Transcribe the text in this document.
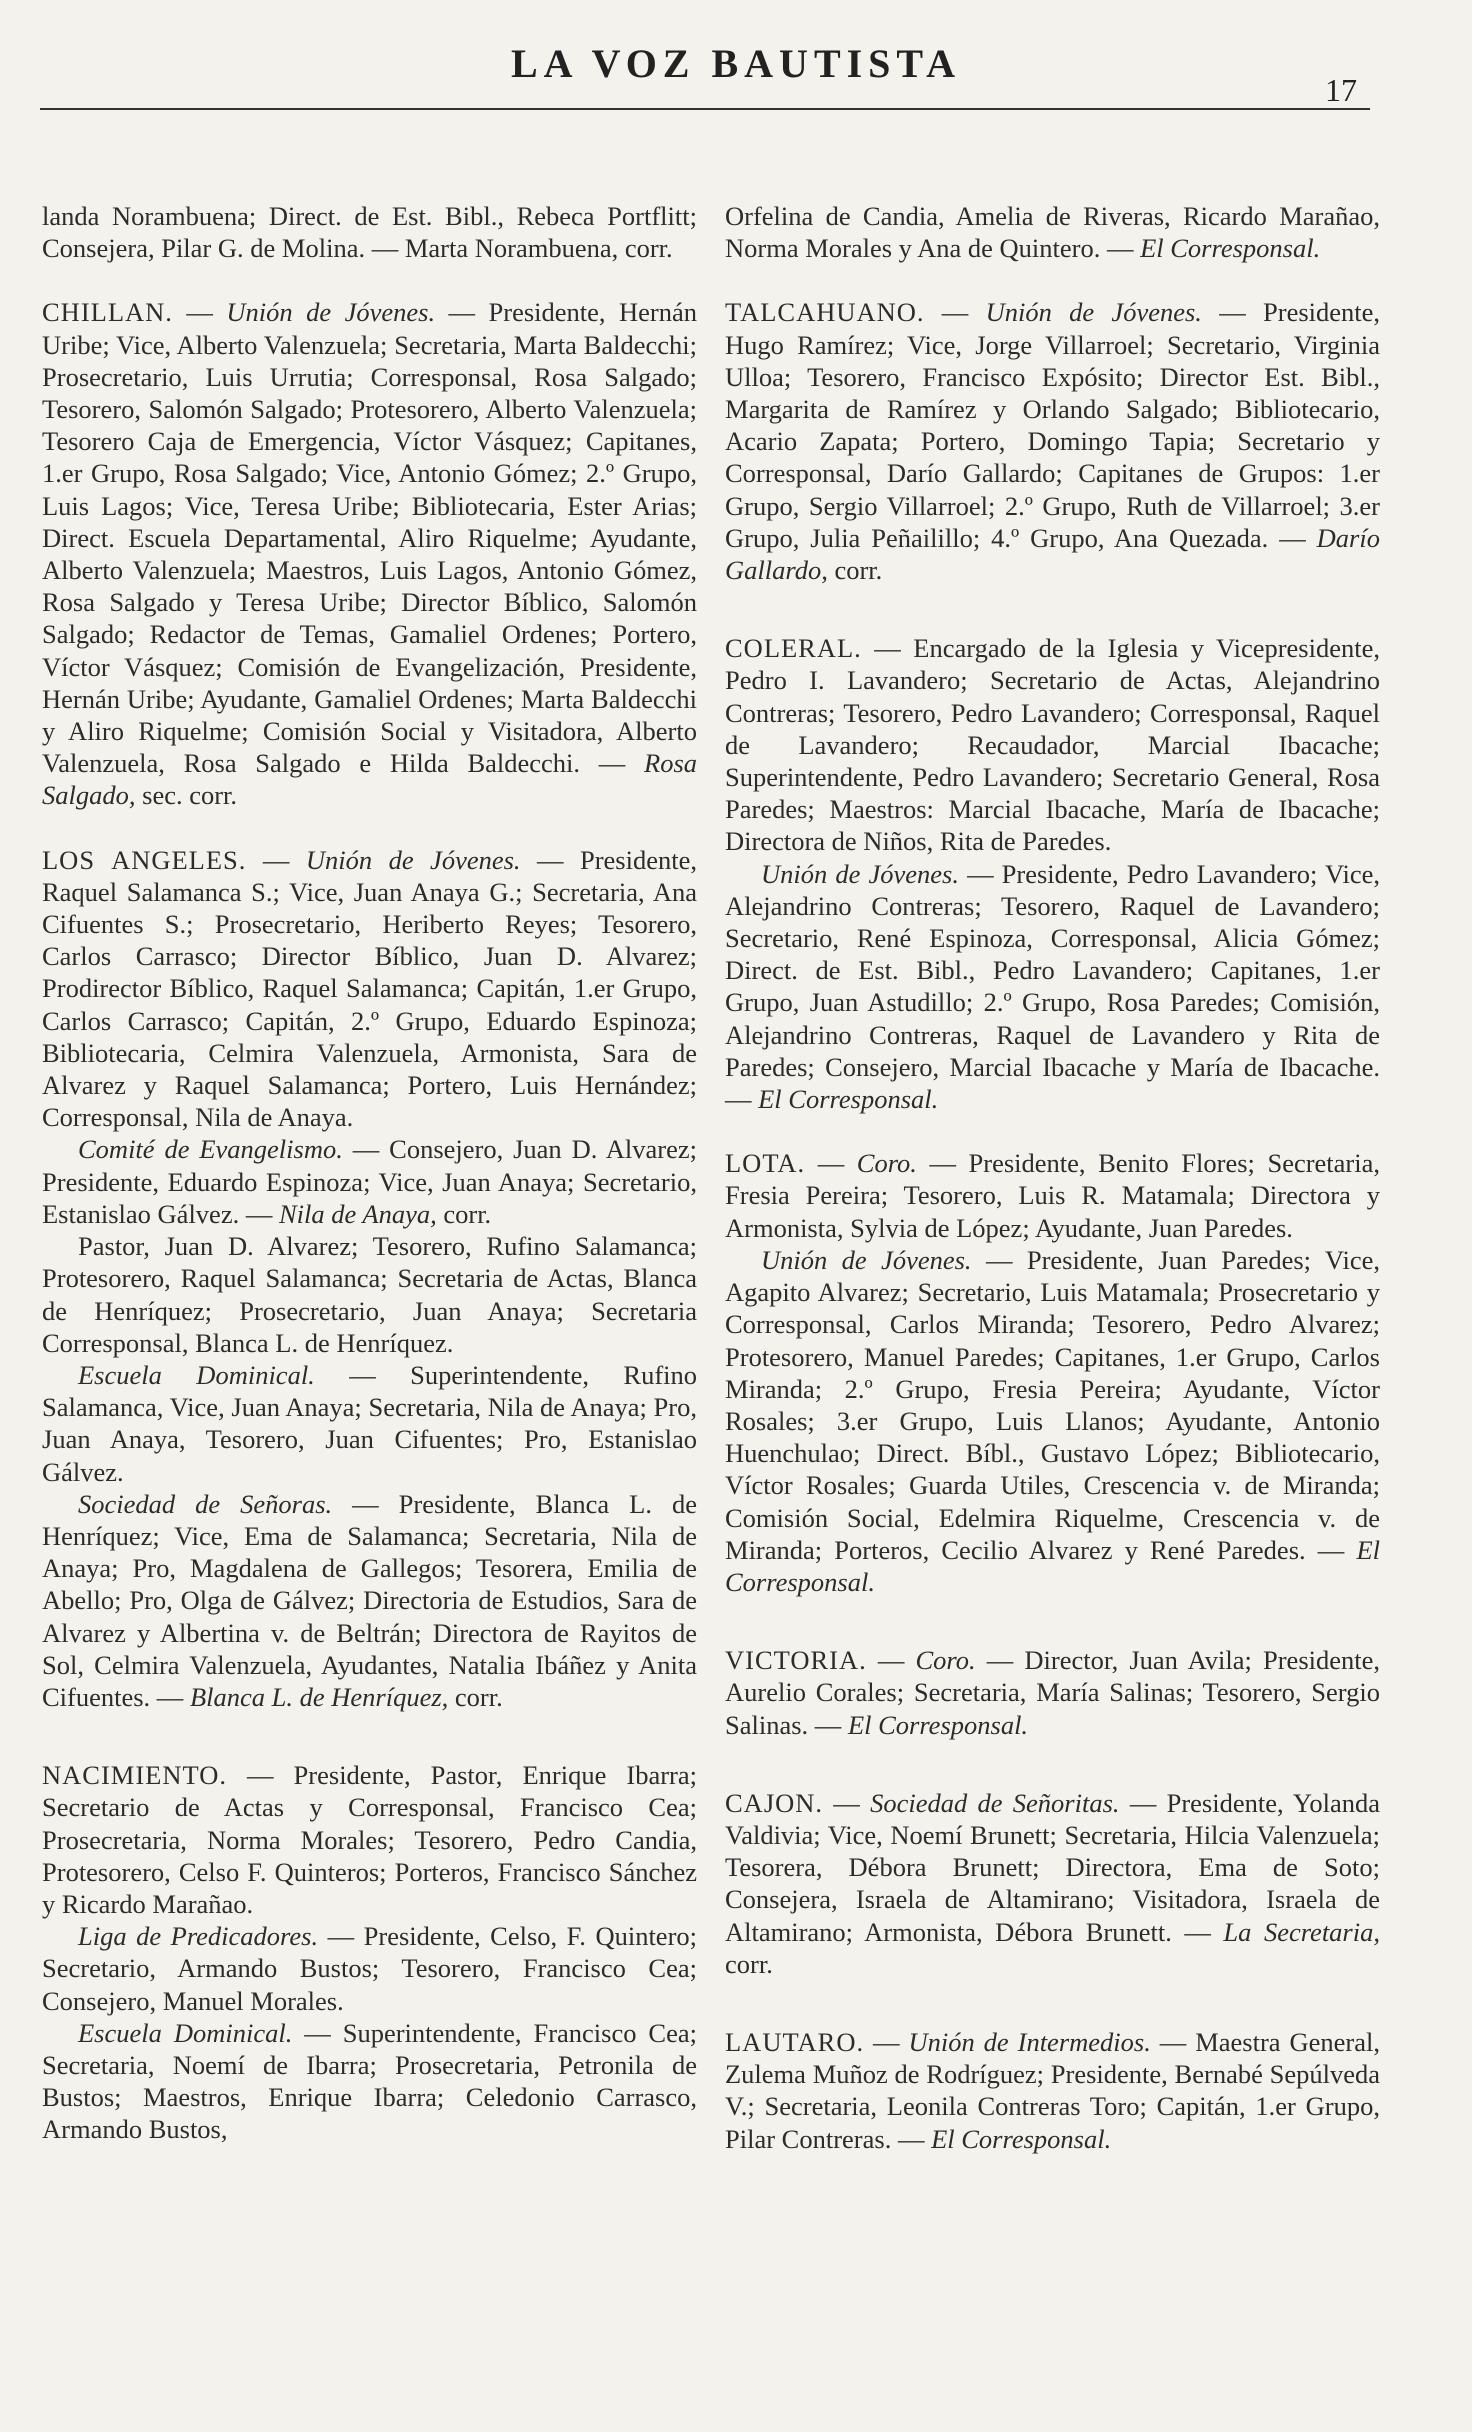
LA VOZ BAUTISTA
17

landa Norambuena; Direct. de Est. Bibl., Rebeca Portflitt; Consejera, Pilar G. de Molina. — Marta Norambuena, corr.

CHILLAN. — Unión de Jóvenes. — Presidente, Hernán Uribe; Vice, Alberto Valenzuela; Secretaria, Marta Baldecchi; Prosecretario, Luis Urrutia; Corresponsal, Rosa Salgado; Tesorero, Salomón Salgado; Protesorero, Alberto Valenzuela; Tesorero Caja de Emergencia, Víctor Vásquez; Capitanes, 1.er Grupo, Rosa Salgado; Vice, Antonio Gómez; 2.º Grupo, Luis Lagos; Vice, Teresa Uribe; Bibliotecaria, Ester Arias; Direct. Escuela Departamental, Aliro Riquelme; Ayudante, Alberto Valenzuela; Maestros, Luis Lagos, Antonio Gómez, Rosa Salgado y Teresa Uribe; Director Bíblico, Salomón Salgado; Redactor de Temas, Gamaliel Ordenes; Portero, Víctor Vásquez; Comisión de Evangelización, Presidente, Hernán Uribe; Ayudante, Gamaliel Ordenes; Marta Baldecchi y Aliro Riquelme; Comisión Social y Visitadora, Alberto Valenzuela, Rosa Salgado e Hilda Baldecchi. — Rosa Salgado, sec. corr.

LOS ANGELES. — Unión de Jóvenes. — Presidente, Raquel Salamanca S.; Vice, Juan Anaya G.; Secretaria, Ana Cifuentes S.; Prosecretario, Heriberto Reyes; Tesorero, Carlos Carrasco; Director Bíblico, Juan D. Alvarez; Prodirector Bíblico, Raquel Salamanca; Capitán, 1.er Grupo, Carlos Carrasco; Capitán, 2.º Grupo, Eduardo Espinoza; Bibliotecaria, Celmira Valenzuela, Armonista, Sara de Alvarez y Raquel Salamanca; Portero, Luis Hernández; Corresponsal, Nila de Anaya.

Comité de Evangelismo. — Consejero, Juan D. Alvarez; Presidente, Eduardo Espinoza; Vice, Juan Anaya; Secretario, Estanislao Gálvez. — Nila de Anaya, corr.

Pastor, Juan D. Alvarez; Tesorero, Rufino Salamanca; Protesorero, Raquel Salamanca; Secretaria de Actas, Blanca de Henríquez; Prosecretario, Juan Anaya; Secretaria Corresponsal, Blanca L. de Henríquez.

Escuela Dominical. — Superintendente, Rufino Salamanca, Vice, Juan Anaya; Secretaria, Nila de Anaya; Pro, Juan Anaya, Tesorero, Juan Cifuentes; Pro, Estanislao Gálvez.

Sociedad de Señoras. — Presidente, Blanca L. de Henríquez; Vice, Ema de Salamanca; Secretaria, Nila de Anaya; Pro, Magdalena de Gallegos; Tesorera, Emilia de Abello; Pro, Olga de Gálvez; Directoria de Estudios, Sara de Alvarez y Albertina v. de Beltrán; Directora de Rayitos de Sol, Celmira Valenzuela, Ayudantes, Natalia Ibáñez y Anita Cifuentes. — Blanca L. de Henríquez, corr.

NACIMIENTO. — Presidente, Pastor, Enrique Ibarra; Secretario de Actas y Corresponsal, Francisco Cea; Prosecretaria, Norma Morales; Tesorero, Pedro Candia, Protesorero, Celso F. Quinteros; Porteros, Francisco Sánchez y Ricardo Marañao.

Liga de Predicadores. — Presidente, Celso, F. Quintero; Secretario, Armando Bustos; Tesorero, Francisco Cea; Consejero, Manuel Morales.

Escuela Dominical. — Superintendente, Francisco Cea; Secretaria, Noemí de Ibarra; Prosecretaria, Petronila de Bustos; Maestros, Enrique Ibarra; Celedonio Carrasco, Armando Bustos,

Orfelina de Candia, Amelia de Riveras, Ricardo Marañao, Norma Morales y Ana de Quintero. — El Corresponsal.

TALCAHUANO. — Unión de Jóvenes. — Presidente, Hugo Ramírez; Vice, Jorge Villarroel; Secretario, Virginia Ulloa; Tesorero, Francisco Expósito; Director Est. Bibl., Margarita de Ramírez y Orlando Salgado; Bibliotecario, Acario Zapata; Portero, Domingo Tapia; Secretario y Corresponsal, Darío Gallardo; Capitanes de Grupos: 1.er Grupo, Sergio Villarroel; 2.º Grupo, Ruth de Villarroel; 3.er Grupo, Julia Peñailillo; 4.º Grupo, Ana Quezada. — Darío Gallardo, corr.

COLERAL. — Encargado de la Iglesia y Vicepresidente, Pedro I. Lavandero; Secretario de Actas, Alejandrino Contreras; Tesorero, Pedro Lavandero; Corresponsal, Raquel de Lavandero; Recaudador, Marcial Ibacache; Superintendente, Pedro Lavandero; Secretario General, Rosa Paredes; Maestros: Marcial Ibacache, María de Ibacache; Directora de Niños, Rita de Paredes.

Unión de Jóvenes. — Presidente, Pedro Lavandero; Vice, Alejandrino Contreras; Tesorero, Raquel de Lavandero; Secretario, René Espinoza, Corresponsal, Alicia Gómez; Direct. de Est. Bibl., Pedro Lavandero; Capitanes, 1.er Grupo, Juan Astudillo; 2.º Grupo, Rosa Paredes; Comisión, Alejandrino Contreras, Raquel de Lavandero y Rita de Paredes; Consejero, Marcial Ibacache y María de Ibacache. — El Corresponsal.

LOTA. — Coro. — Presidente, Benito Flores; Secretaria, Fresia Pereira; Tesorero, Luis R. Matamala; Directora y Armonista, Sylvia de López; Ayudante, Juan Paredes.

Unión de Jóvenes. — Presidente, Juan Paredes; Vice, Agapito Alvarez; Secretario, Luis Matamala; Prosecretario y Corresponsal, Carlos Miranda; Tesorero, Pedro Alvarez; Protesorero, Manuel Paredes; Capitanes, 1.er Grupo, Carlos Miranda; 2.º Grupo, Fresia Pereira; Ayudante, Víctor Rosales; 3.er Grupo, Luis Llanos; Ayudante, Antonio Huenchulao; Direct. Bíbl., Gustavo López; Bibliotecario, Víctor Rosales; Guarda Utiles, Crescencia v. de Miranda; Comisión Social, Edelmira Riquelme, Crescencia v. de Miranda; Porteros, Cecilio Alvarez y René Paredes. — El Corresponsal.

VICTORIA. — Coro. — Director, Juan Avila; Presidente, Aurelio Corales; Secretaria, María Salinas; Tesorero, Sergio Salinas. — El Corresponsal.

CAJON. — Sociedad de Señoritas. — Presidente, Yolanda Valdivia; Vice, Noemí Brunett; Secretaria, Hilcia Valenzuela; Tesorera, Débora Brunett; Directora, Ema de Soto; Consejera, Israela de Altamirano; Visitadora, Israela de Altamirano; Armonista, Débora Brunett. — La Secretaria, corr.

LAUTARO. — Unión de Intermedios. — Maestra General, Zulema Muñoz de Rodríguez; Presidente, Bernabé Sepúlveda V.; Secretaria, Leonila Contreras Toro; Capitán, 1.er Grupo, Pilar Contreras. — El Corresponsal.
